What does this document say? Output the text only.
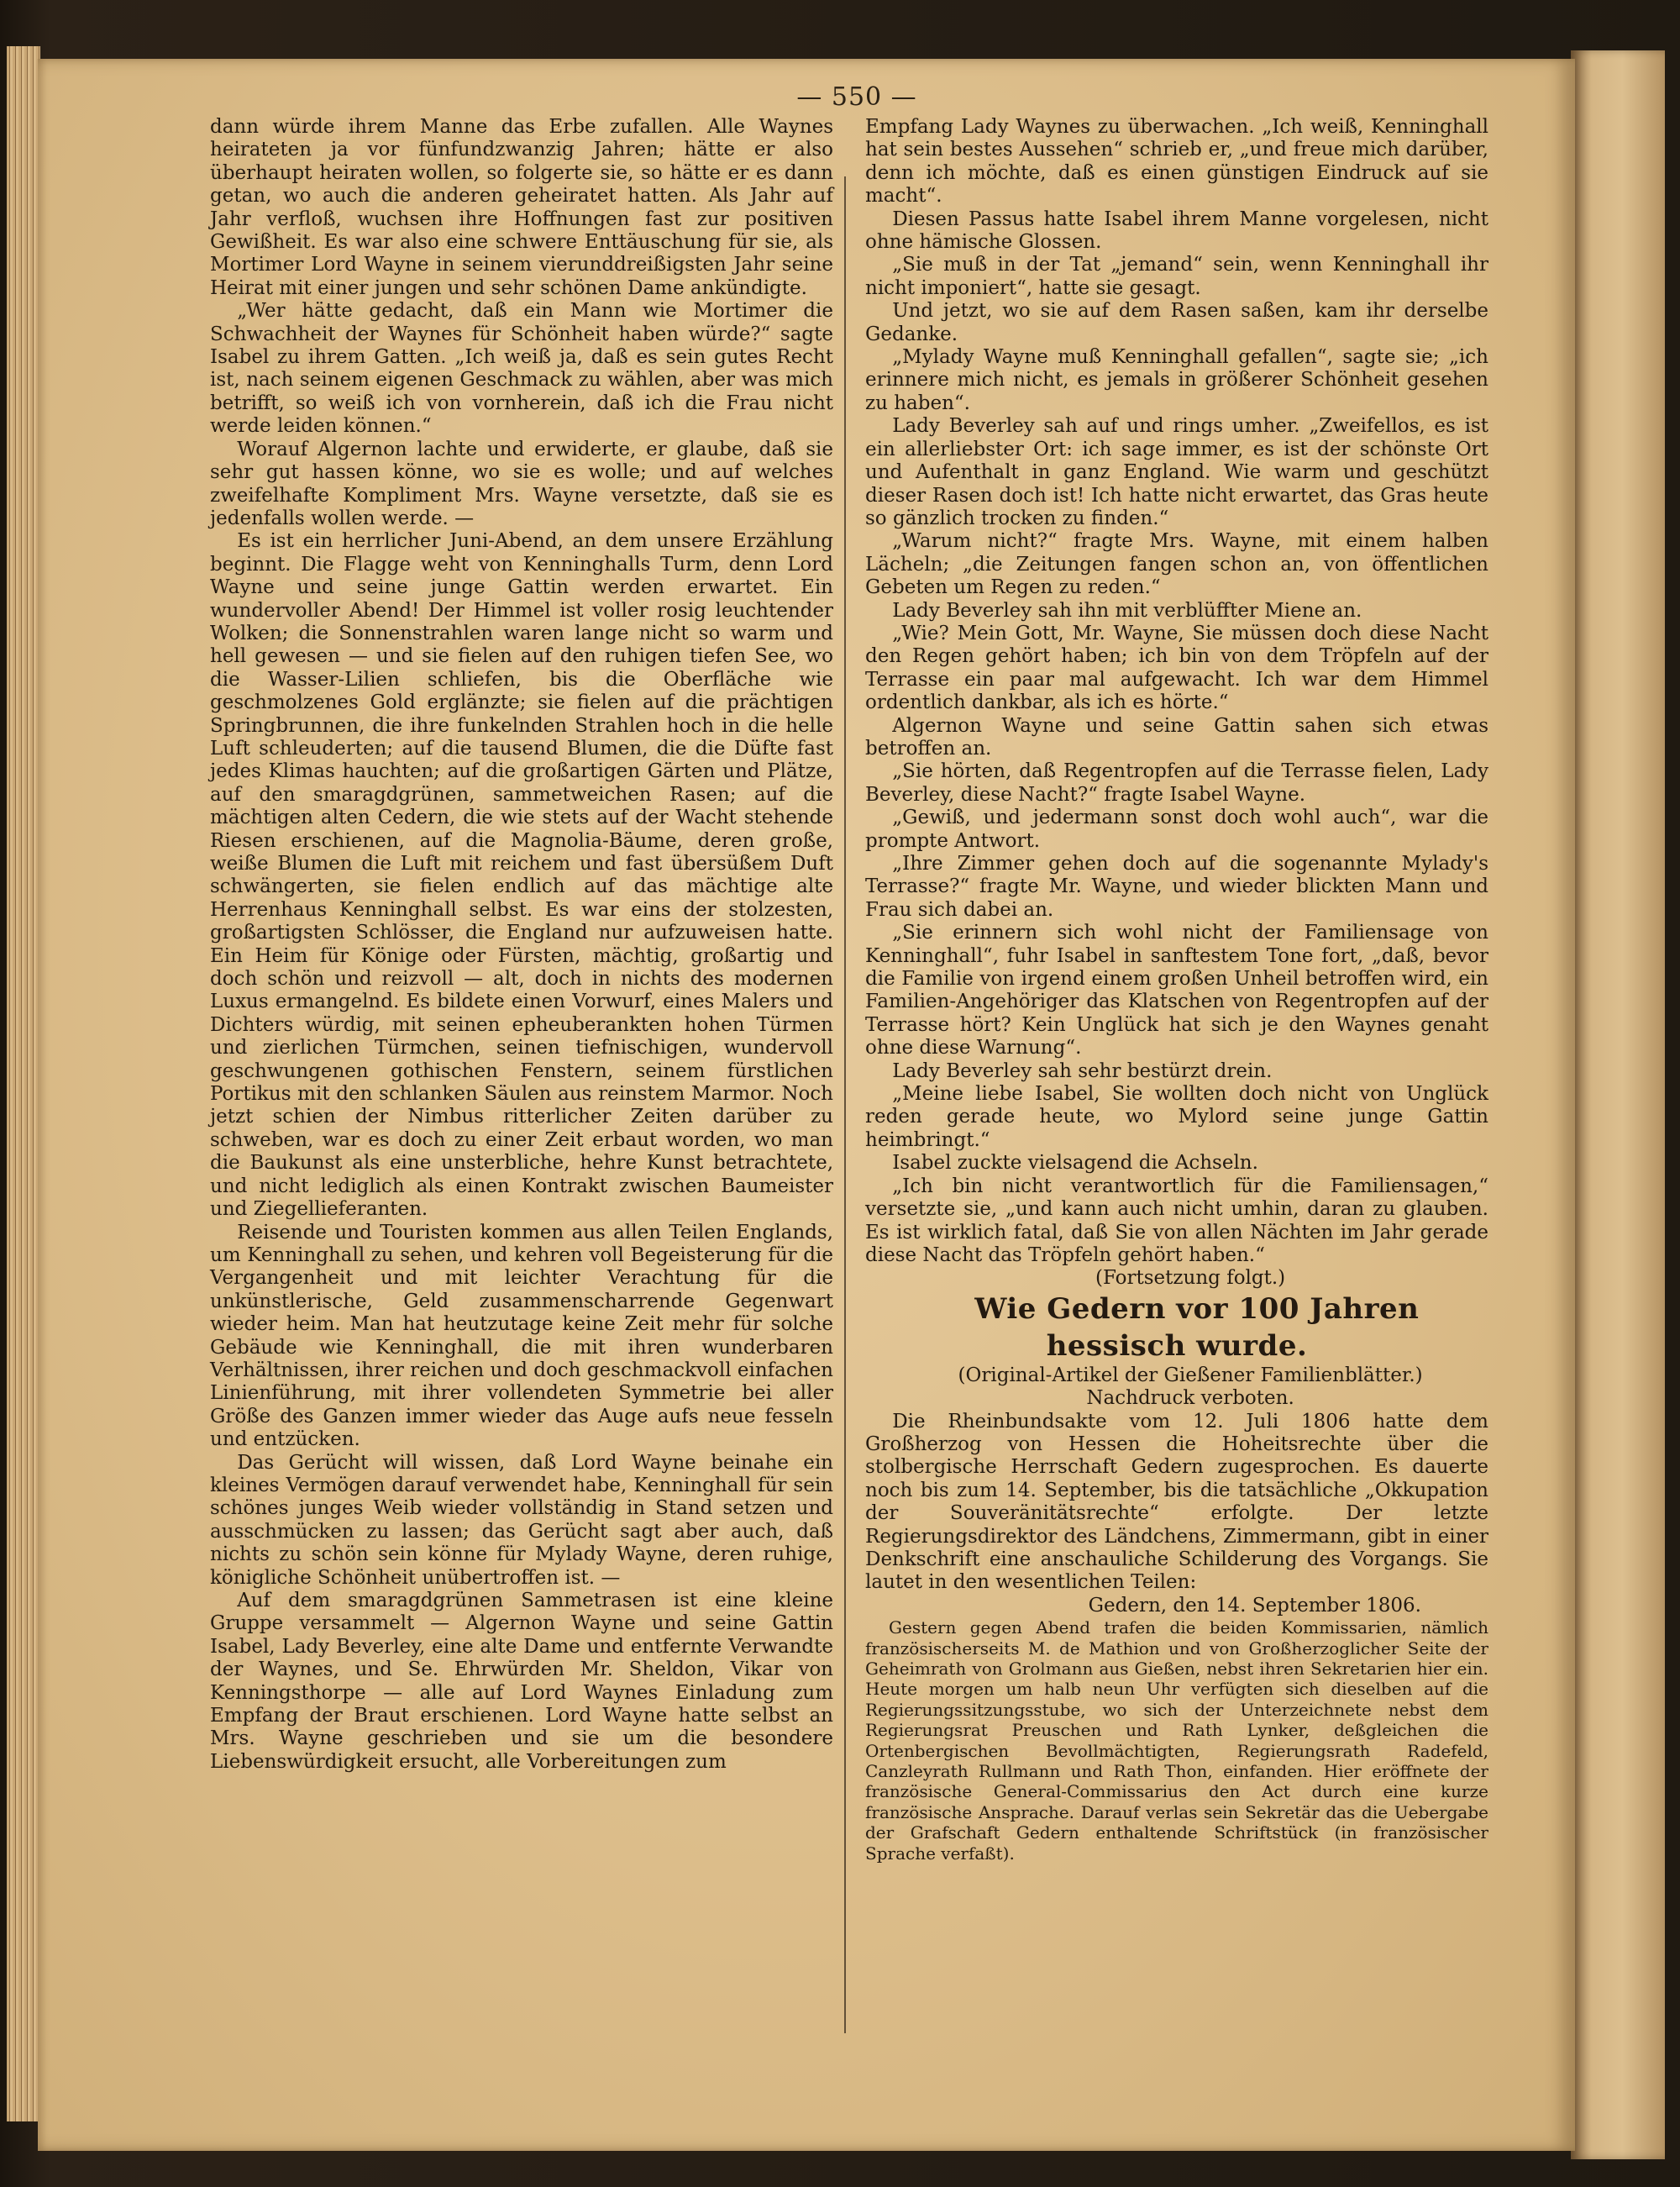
— 550 —

dann würde ihrem Manne das Erbe zufallen. Alle Waynes heirateten ja vor fünfundzwanzig Jahren; hätte er also überhaupt heiraten wollen, so folgerte sie, so hätte er es dann getan, wo auch die anderen geheiratet hatten. Als Jahr auf Jahr verfloß, wuchsen ihre Hoffnungen fast zur positiven Gewißheit. Es war also eine schwere Enttäuschung für sie, als Mortimer Lord Wayne in seinem vierunddreißigsten Jahr seine Heirat mit einer jungen und sehr schönen Dame ankündigte.

„Wer hätte gedacht, daß ein Mann wie Mortimer die Schwachheit der Waynes für Schönheit haben würde?“ sagte Isabel zu ihrem Gatten. „Ich weiß ja, daß es sein gutes Recht ist, nach seinem eigenen Geschmack zu wählen, aber was mich betrifft, so weiß ich von vornherein, daß ich die Frau nicht werde leiden können.“

Worauf Algernon lachte und erwiderte, er glaube, daß sie sehr gut hassen könne, wo sie es wolle; und auf welches zweifelhafte Kompliment Mrs. Wayne versetzte, daß sie es jedenfalls wollen werde. —

Es ist ein herrlicher Juni-Abend, an dem unsere Erzählung beginnt. Die Flagge weht von Kenninghalls Turm, denn Lord Wayne und seine junge Gattin werden erwartet. Ein wundervoller Abend! Der Himmel ist voller rosig leuchtender Wolken; die Sonnenstrahlen waren lange nicht so warm und hell gewesen — und sie fielen auf den ruhigen tiefen See, wo die Wasser-Lilien schliefen, bis die Oberfläche wie geschmolzenes Gold erglänzte; sie fielen auf die prächtigen Springbrunnen, die ihre funkelnden Strahlen hoch in die helle Luft schleuderten; auf die tausend Blumen, die die Düfte fast jedes Klimas hauchten; auf die großartigen Gärten und Plätze, auf den smaragdgrünen, sammetweichen Rasen; auf die mächtigen alten Cedern, die wie stets auf der Wacht stehende Riesen erschienen, auf die Magnolia-Bäume, deren große, weiße Blumen die Luft mit reichem und fast übersüßem Duft schwängerten, sie fielen endlich auf das mächtige alte Herrenhaus Kenninghall selbst. Es war eins der stolzesten, großartigsten Schlösser, die England nur aufzuweisen hatte. Ein Heim für Könige oder Fürsten, mächtig, großartig und doch schön und reizvoll — alt, doch in nichts des modernen Luxus ermangelnd. Es bildete einen Vorwurf, eines Malers und Dichters würdig, mit seinen epheuberankten hohen Türmen und zierlichen Türmchen, seinen tiefnischigen, wundervoll geschwungenen gothischen Fenstern, seinem fürstlichen Portikus mit den schlanken Säulen aus reinstem Marmor. Noch jetzt schien der Nimbus ritterlicher Zeiten darüber zu schweben, war es doch zu einer Zeit erbaut worden, wo man die Baukunst als eine unsterbliche, hehre Kunst betrachtete, und nicht lediglich als einen Kontrakt zwischen Baumeister und Ziegellieferanten.

Reisende und Touristen kommen aus allen Teilen Englands, um Kenninghall zu sehen, und kehren voll Begeisterung für die Vergangenheit und mit leichter Verachtung für die unkünstlerische, Geld zusammenscharrende Gegenwart wieder heim. Man hat heutzutage keine Zeit mehr für solche Gebäude wie Kenninghall, die mit ihren wunderbaren Verhältnissen, ihrer reichen und doch geschmackvoll einfachen Linienführung, mit ihrer vollendeten Symmetrie bei aller Größe des Ganzen immer wieder das Auge aufs neue fesseln und entzücken.

Das Gerücht will wissen, daß Lord Wayne beinahe ein kleines Vermögen darauf verwendet habe, Kenninghall für sein schönes junges Weib wieder vollständig in Stand setzen und ausschmücken zu lassen; das Gerücht sagt aber auch, daß nichts zu schön sein könne für Mylady Wayne, deren ruhige, königliche Schönheit unübertroffen ist. —

Auf dem smaragdgrünen Sammetrasen ist eine kleine Gruppe versammelt — Algernon Wayne und seine Gattin Isabel, Lady Beverley, eine alte Dame und entfernte Verwandte der Waynes, und Se. Ehrwürden Mr. Sheldon, Vikar von Kenningsthorpe — alle auf Lord Waynes Einladung zum Empfang der Braut erschienen. Lord Wayne hatte selbst an Mrs. Wayne geschrieben und sie um die besondere Liebenswürdigkeit ersucht, alle Vorbereitungen zum

Empfang Lady Waynes zu überwachen. „Ich weiß, Kenninghall hat sein bestes Aussehen“ schrieb er, „und freue mich darüber, denn ich möchte, daß es einen günstigen Eindruck auf sie macht“.

Diesen Passus hatte Isabel ihrem Manne vorgelesen, nicht ohne hämische Glossen.

„Sie muß in der Tat „jemand“ sein, wenn Kenninghall ihr nicht imponiert“, hatte sie gesagt.

Und jetzt, wo sie auf dem Rasen saßen, kam ihr derselbe Gedanke.

„Mylady Wayne muß Kenninghall gefallen“, sagte sie; „ich erinnere mich nicht, es jemals in größerer Schönheit gesehen zu haben“.

Lady Beverley sah auf und rings umher. „Zweifellos, es ist ein allerliebster Ort: ich sage immer, es ist der schönste Ort und Aufenthalt in ganz England. Wie warm und geschützt dieser Rasen doch ist! Ich hatte nicht erwartet, das Gras heute so gänzlich trocken zu finden.“

„Warum nicht?“ fragte Mrs. Wayne, mit einem halben Lächeln; „die Zeitungen fangen schon an, von öffentlichen Gebeten um Regen zu reden.“

Lady Beverley sah ihn mit verblüffter Miene an.

„Wie? Mein Gott, Mr. Wayne, Sie müssen doch diese Nacht den Regen gehört haben; ich bin von dem Tröpfeln auf der Terrasse ein paar mal aufgewacht. Ich war dem Himmel ordentlich dankbar, als ich es hörte.“

Algernon Wayne und seine Gattin sahen sich etwas betroffen an.

„Sie hörten, daß Regentropfen auf die Terrasse fielen, Lady Beverley, diese Nacht?“ fragte Isabel Wayne.

„Gewiß, und jedermann sonst doch wohl auch“, war die prompte Antwort.

„Ihre Zimmer gehen doch auf die sogenannte Mylady's Terrasse?“ fragte Mr. Wayne, und wieder blickten Mann und Frau sich dabei an.

„Sie erinnern sich wohl nicht der Familiensage von Kenninghall“, fuhr Isabel in sanftestem Tone fort, „daß, bevor die Familie von irgend einem großen Unheil betroffen wird, ein Familien-Angehöriger das Klatschen von Regentropfen auf der Terrasse hört? Kein Unglück hat sich je den Waynes genaht ohne diese Warnung“.

Lady Beverley sah sehr bestürzt drein.

„Meine liebe Isabel, Sie wollten doch nicht von Unglück reden gerade heute, wo Mylord seine junge Gattin heimbringt.“

Isabel zuckte vielsagend die Achseln.

„Ich bin nicht verantwortlich für die Familiensagen,“ versetzte sie, „und kann auch nicht umhin, daran zu glauben. Es ist wirklich fatal, daß Sie von allen Nächten im Jahr gerade diese Nacht das Tröpfeln gehört haben.“

(Fortsetzung folgt.)

Wie Gedern vor 100 Jahren hessisch wurde.

(Original-Artikel der Gießener Familienblätter.)

Nachdruck verboten.

Die Rheinbundsakte vom 12. Juli 1806 hatte dem Großherzog von Hessen die Hoheitsrechte über die stolbergische Herrschaft Gedern zugesprochen. Es dauerte noch bis zum 14. September, bis die tatsächliche „Okkupation der Souveränitätsrechte“ erfolgte. Der letzte Regierungsdirektor des Ländchens, Zimmermann, gibt in einer Denkschrift eine anschauliche Schilderung des Vorgangs. Sie lautet in den wesentlichen Teilen:

Gedern, den 14. September 1806.

Gestern gegen Abend trafen die beiden Kommissarien, nämlich französischerseits M. de Mathion und von Großherzoglicher Seite der Geheimrath von Grolmann aus Gießen, nebst ihren Sekretarien hier ein. Heute morgen um halb neun Uhr verfügten sich dieselben auf die Regierungssitzungsstube, wo sich der Unterzeichnete nebst dem Regierungsrat Preuschen und Rath Lynker, deßgleichen die Ortenbergischen Bevollmächtigten, Regierungsrath Radefeld, Canzleyrath Rullmann und Rath Thon, einfanden. Hier eröffnete der französische General-Commissarius den Act durch eine kurze französische Ansprache. Darauf verlas sein Sekretär das die Uebergabe der Grafschaft Gedern enthaltende Schriftstück (in französischer Sprache verfaßt).
